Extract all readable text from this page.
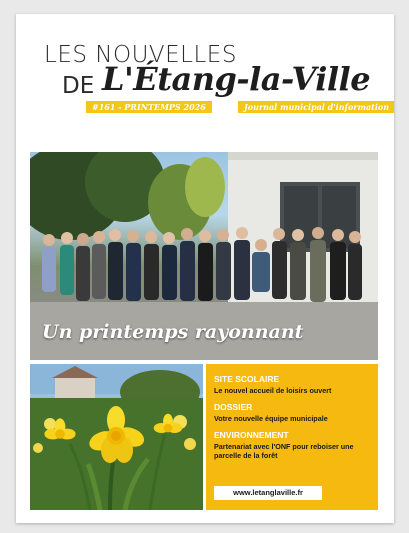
LES NOUVELLES
DE L'Étang-la-Ville
#161 - PRINTEMPS 2026	Journal municipal d'information
Un printemps rayonnant
SITE SCOLAIRE
Le nouvel accueil de loisirs ouvert
DOSSIER
Votre nouvelle équipe municipale
ENVIRONNEMENT
Partenariat avec l'ONF pour reboiser une parcelle de la forêt
www.letanglaville.fr
